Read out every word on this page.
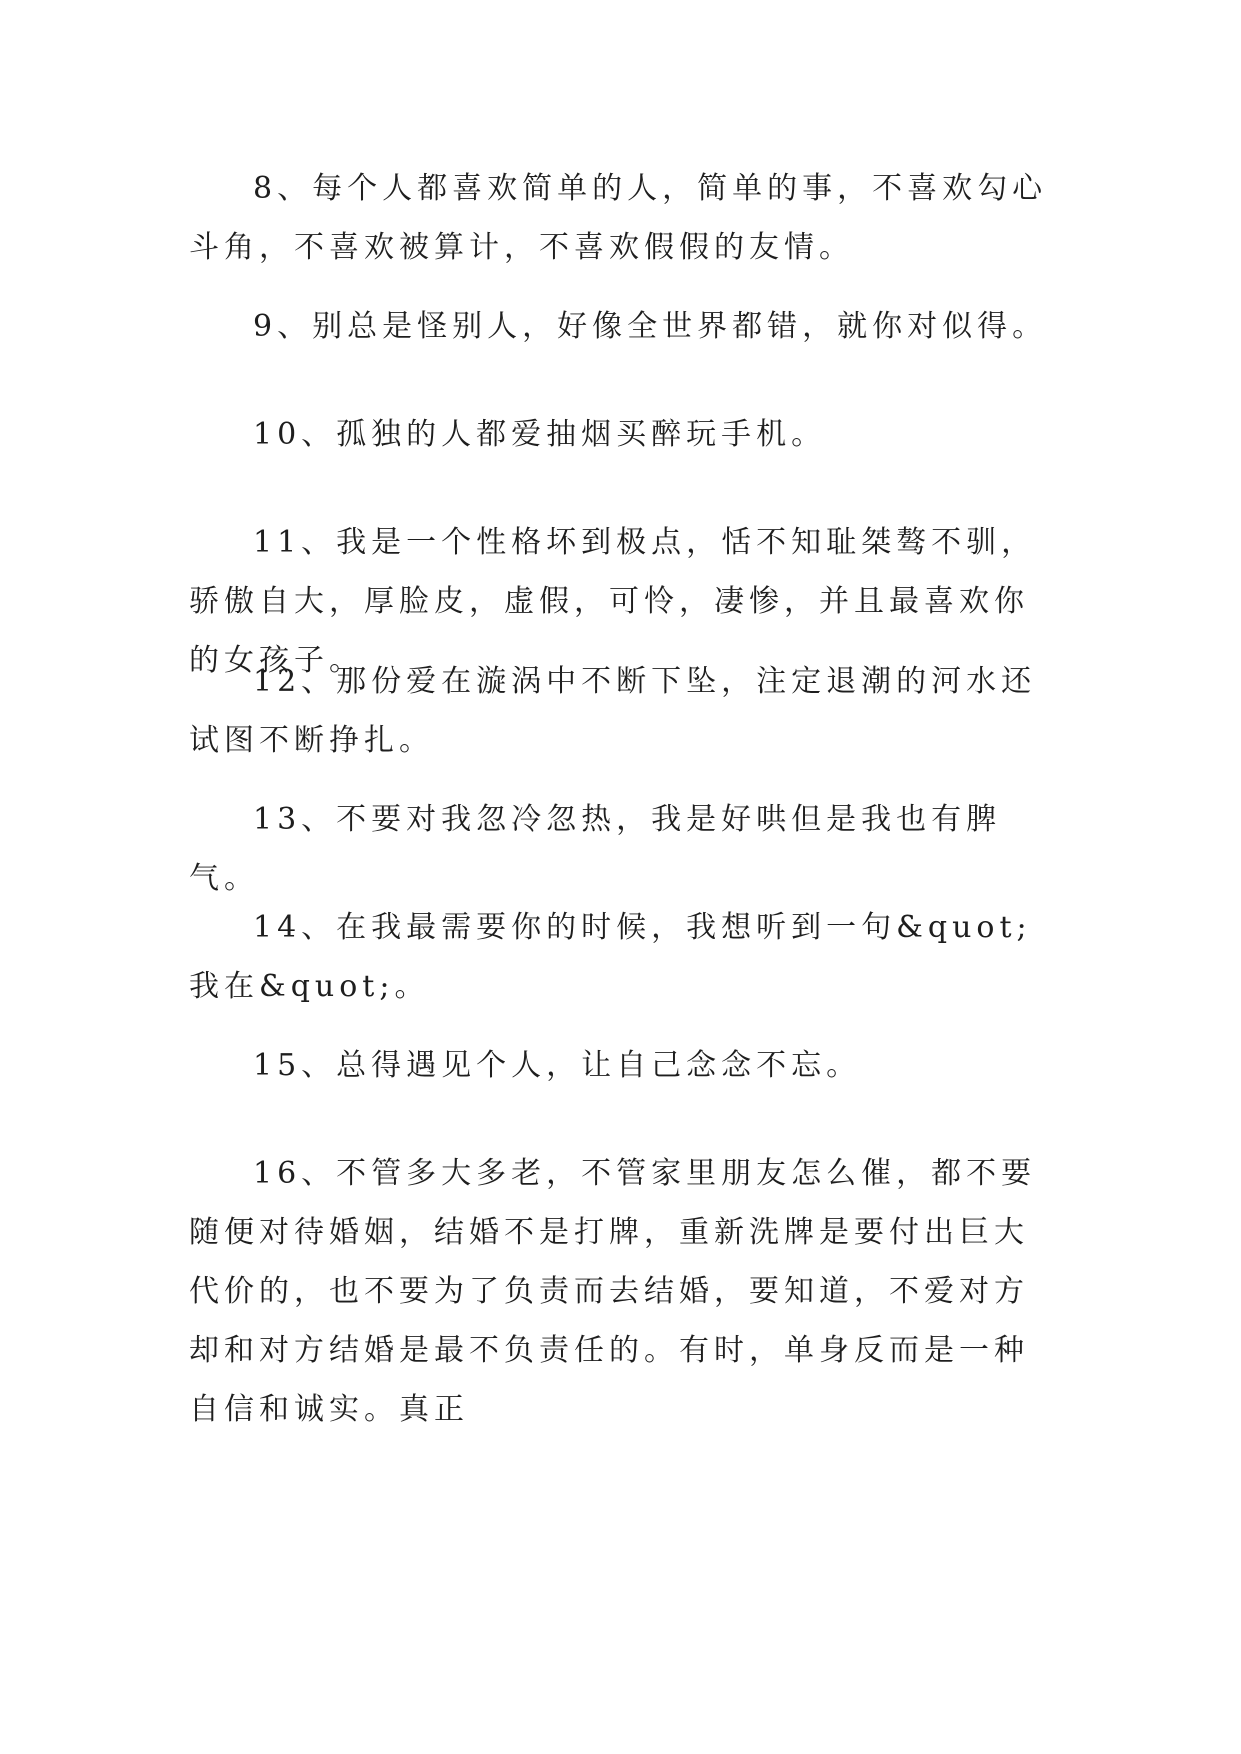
8、每个人都喜欢简单的人，简单的事，不喜欢勾心斗角，不喜欢被算计，不喜欢假假的友情。

9、别总是怪别人，好像全世界都错，就你对似得。

10、孤独的人都爱抽烟买醉玩手机。

11、我是一个性格坏到极点，恬不知耻桀骜不驯，骄傲自大，厚脸皮，虚假，可怜，凄惨，并且最喜欢你的女孩子。

12、那份爱在漩涡中不断下坠，注定退潮的河水还试图不断挣扎。

13、不要对我忽冷忽热，我是好哄但是我也有脾气。

14、在我最需要你的时候，我想听到一句&quot;我在&quot;。

15、总得遇见个人，让自己念念不忘。

16、不管多大多老，不管家里朋友怎么催，都不要随便对待婚姻，结婚不是打牌，重新洗牌是要付出巨大代价的，也不要为了负责而去结婚，要知道，不爱对方却和对方结婚是最不负责任的。有时，单身反而是一种自信和诚实。真正
